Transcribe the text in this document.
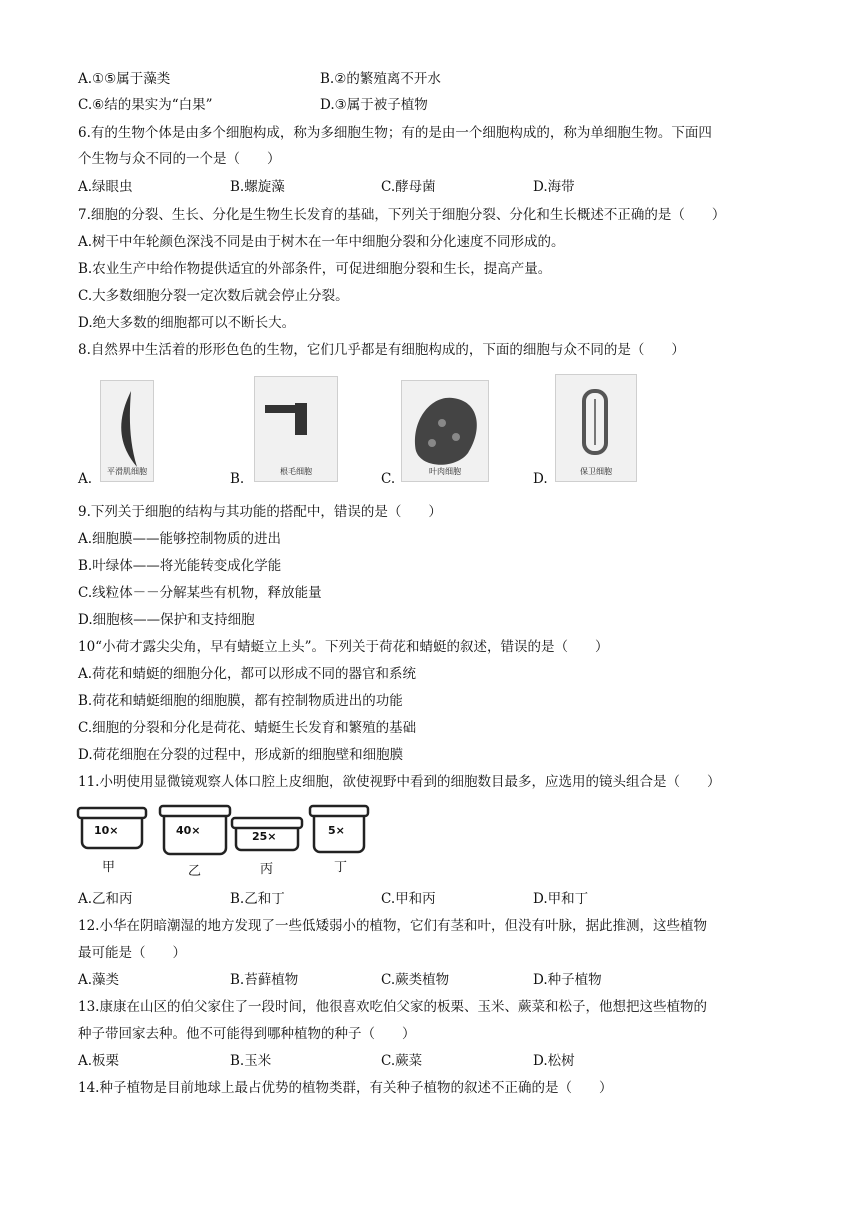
A.①⑤属于藻类	B.②的繁殖离不开水
C.⑥结的果实为“白果”	D.③属于被子植物
6.有的生物个体是由多个细胞构成，称为多细胞生物；有的是由一个细胞构成的，称为单细胞生物。下面四
个生物与众不同的一个是（　　）
A.绿眼虫	B.螺旋藻	C.酵母菌	D.海带
7.细胞的分裂、生长、分化是生物生长发育的基础，下列关于细胞分裂、分化和生长概述不正确的是（　　）
A.树干中年轮颜色深浅不同是由于树木在一年中细胞分裂和分化速度不同形成的。
B.农业生产中给作物提供适宜的外部条件，可促进细胞分裂和生长，提高产量。
C.大多数细胞分裂一定次数后就会停止分裂。
D.绝大多数的细胞都可以不断长大。
8.自然界中生活着的形形色色的生物，它们几乎都是有细胞构成的，下面的细胞与众不同的是（　　）
A.	平滑肌细胞	B.	根毛细胞	C.	叶肉细胞	D.	保卫细胞
9.下列关于细胞的结构与其功能的搭配中，错误的是（　　）
A.细胞膜——能够控制物质的进出
B.叶绿体——将光能转变成化学能
C.线粒体－－分解某些有机物，释放能量
D.细胞核——保护和支持细胞
10“小荷才露尖尖角，早有蜻蜓立上头”。下列关于荷花和蜻蜓的叙述，错误的是（　　）
A.荷花和蜻蜓的细胞分化，都可以形成不同的器官和系统
B.荷花和蜻蜓细胞的细胞膜，都有控制物质进出的功能
C.细胞的分裂和分化是荷花、蜻蜓生长发育和繁殖的基础
D.荷花细胞在分裂的过程中，形成新的细胞壁和细胞膜
11.小明使用显微镜观察人体口腔上皮细胞，欲使视野中看到的细胞数目最多，应选用的镜头组合是（　　）
10×	40×	25×	5×
甲	乙	丙	丁
A.乙和丙	B.乙和丁	C.甲和丙	D.甲和丁
12.小华在阴暗潮湿的地方发现了一些低矮弱小的植物，它们有茎和叶，但没有叶脉，据此推测，这些植物
最可能是（　　）
A.藻类	B.苔藓植物	C.蕨类植物	D.种子植物
13.康康在山区的伯父家住了一段时间，他很喜欢吃伯父家的板栗、玉米、蕨菜和松子，他想把这些植物的
种子带回家去种。他不可能得到哪种植物的种子（　　）
A.板栗	B.玉米	C.蕨菜	D.松树
14.种子植物是目前地球上最占优势的植物类群，有关种子植物的叙述不正确的是（　　）
